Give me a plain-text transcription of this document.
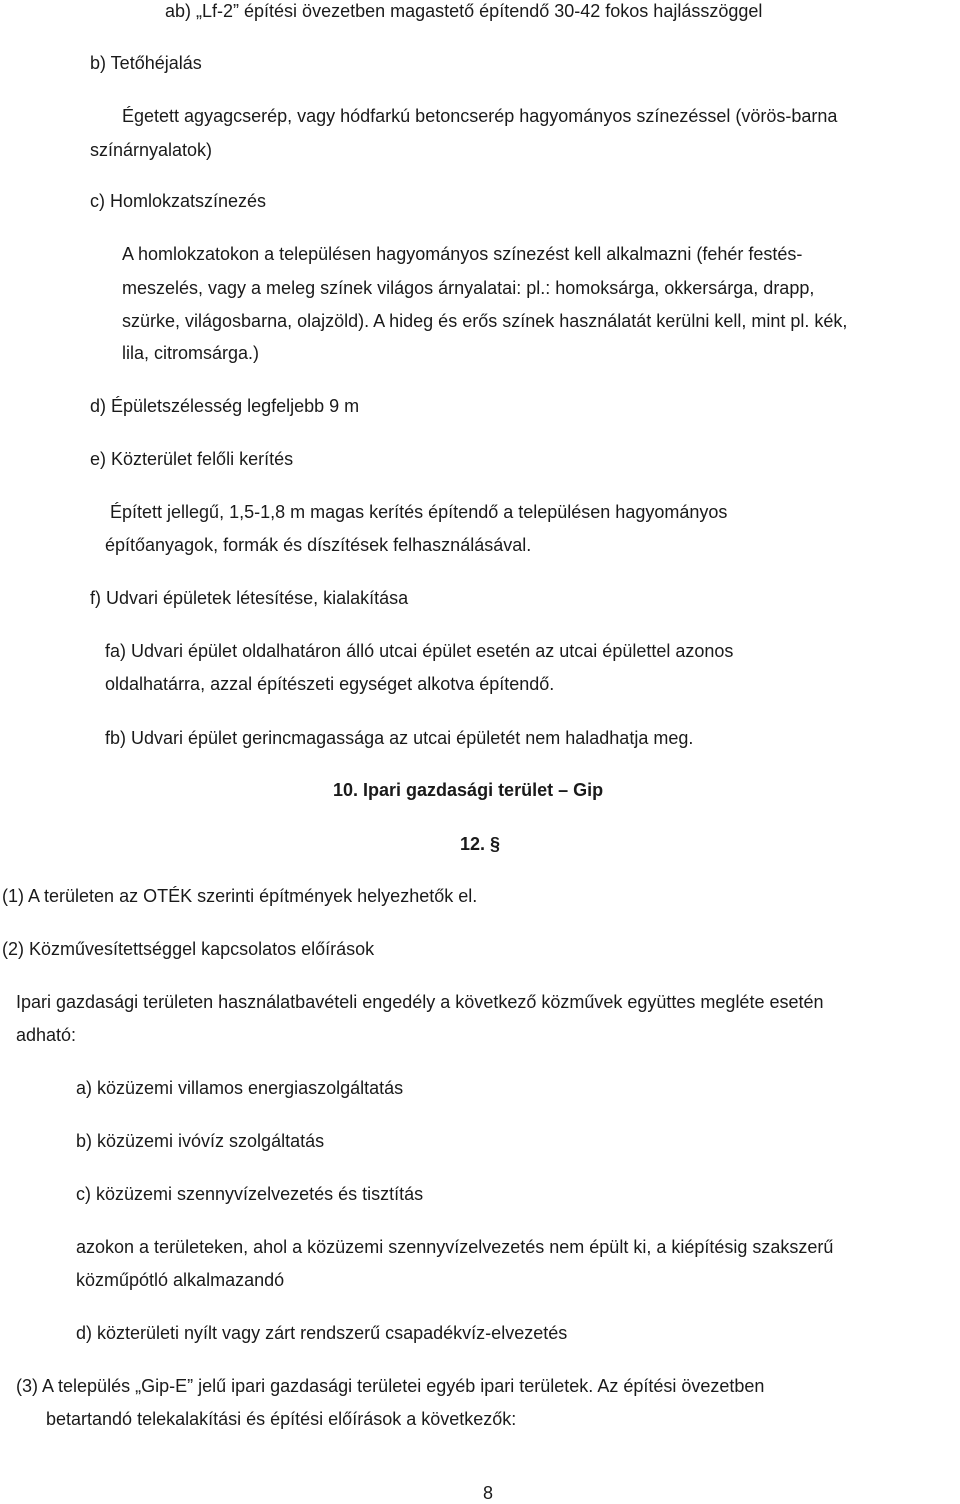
ab) „Lf-2” építési övezetben magastető építendő 30-42 fokos hajlásszöggel
b) Tetőhéjalás
Égetett agyagcserép, vagy hódfarkú betoncserép hagyományos színezéssel (vörös-barna
színárnyalatok)
c) Homlokzatszínezés
A homlokzatokon a településen hagyományos színezést kell alkalmazni (fehér festés-
meszelés, vagy a meleg színek világos árnyalatai: pl.: homoksárga, okkersárga, drapp,
szürke, világosbarna, olajzöld). A hideg és erős színek használatát kerülni kell, mint pl. kék,
lila, citromsárga.)
d) Épületszélesség legfeljebb 9 m
e) Közterület felőli kerítés
Épített jellegű, 1,5-1,8 m magas kerítés építendő a településen hagyományos
építőanyagok, formák és díszítések felhasználásával.
f) Udvari épületek létesítése, kialakítása
fa) Udvari épület oldalhatáron álló utcai épület esetén az utcai épülettel azonos
oldalhatárra, azzal építészeti egységet alkotva építendő.
fb) Udvari épület gerincmagassága az utcai épületét nem haladhatja meg.
10. Ipari gazdasági terület – Gip
12. §
(1) A területen az OTÉK szerinti építmények helyezhetők el.
(2) Közművesítettséggel kapcsolatos előírások
Ipari gazdasági területen használatbavételi engedély a következő közművek együttes megléte esetén
adható:
a) közüzemi villamos energiaszolgáltatás
b) közüzemi ivóvíz szolgáltatás
c) közüzemi szennyvízelvezetés és tisztítás
azokon a területeken, ahol a közüzemi szennyvízelvezetés nem épült ki, a kiépítésig szakszerű
közműpótló alkalmazandó
d) közterületi nyílt vagy zárt rendszerű csapadékvíz-elvezetés
(3) A település „Gip-E” jelű ipari gazdasági területei egyéb ipari területek. Az építési övezetben
betartandó telekalakítási és építési előírások a következők:
8
